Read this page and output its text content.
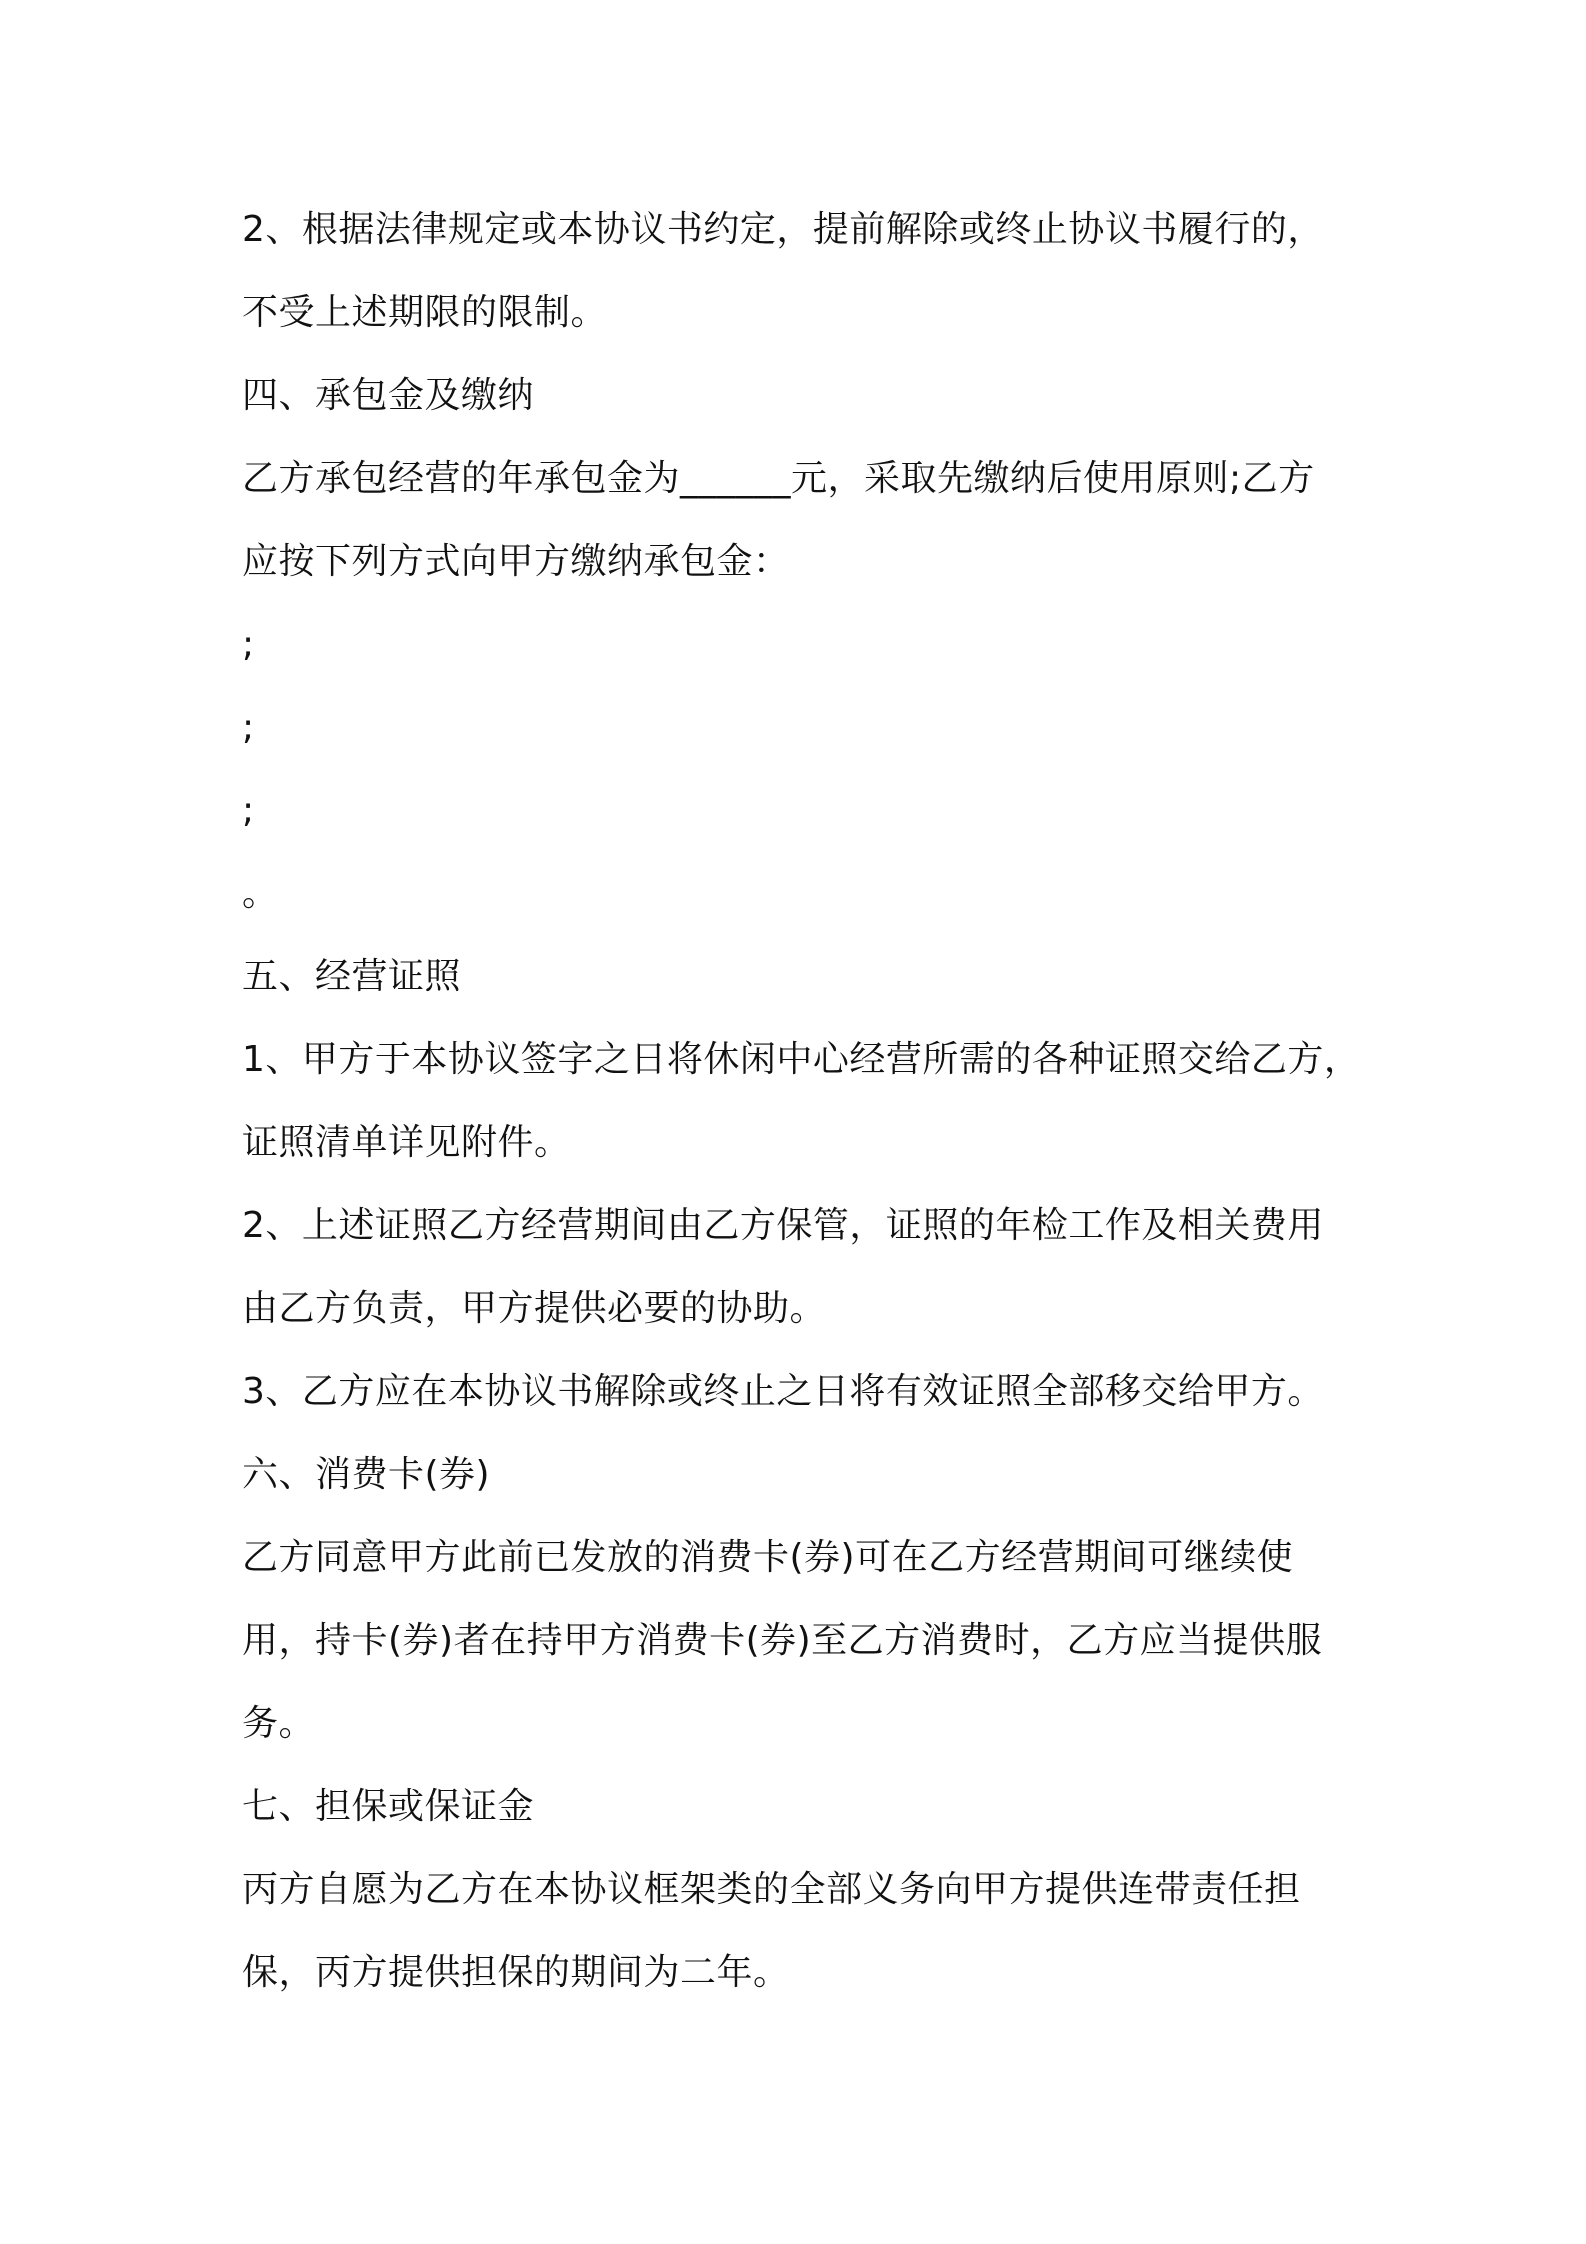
2、根据法律规定或本协议书约定，提前解除或终止协议书履行的，
不受上述期限的限制。
四、承包金及缴纳
乙方承包经营的年承包金为______元，采取先缴纳后使用原则;乙方
应按下列方式向甲方缴纳承包金：
;
;
;
。
五、经营证照
1、甲方于本协议签字之日将休闲中心经营所需的各种证照交给乙方，
证照清单详见附件。
2、上述证照乙方经营期间由乙方保管，证照的年检工作及相关费用
由乙方负责，甲方提供必要的协助。
3、乙方应在本协议书解除或终止之日将有效证照全部移交给甲方。
六、消费卡(券)
乙方同意甲方此前已发放的消费卡(券)可在乙方经营期间可继续使
用，持卡(券)者在持甲方消费卡(券)至乙方消费时，乙方应当提供服
务。
七、担保或保证金
丙方自愿为乙方在本协议框架类的全部义务向甲方提供连带责任担
保，丙方提供担保的期间为二年。
